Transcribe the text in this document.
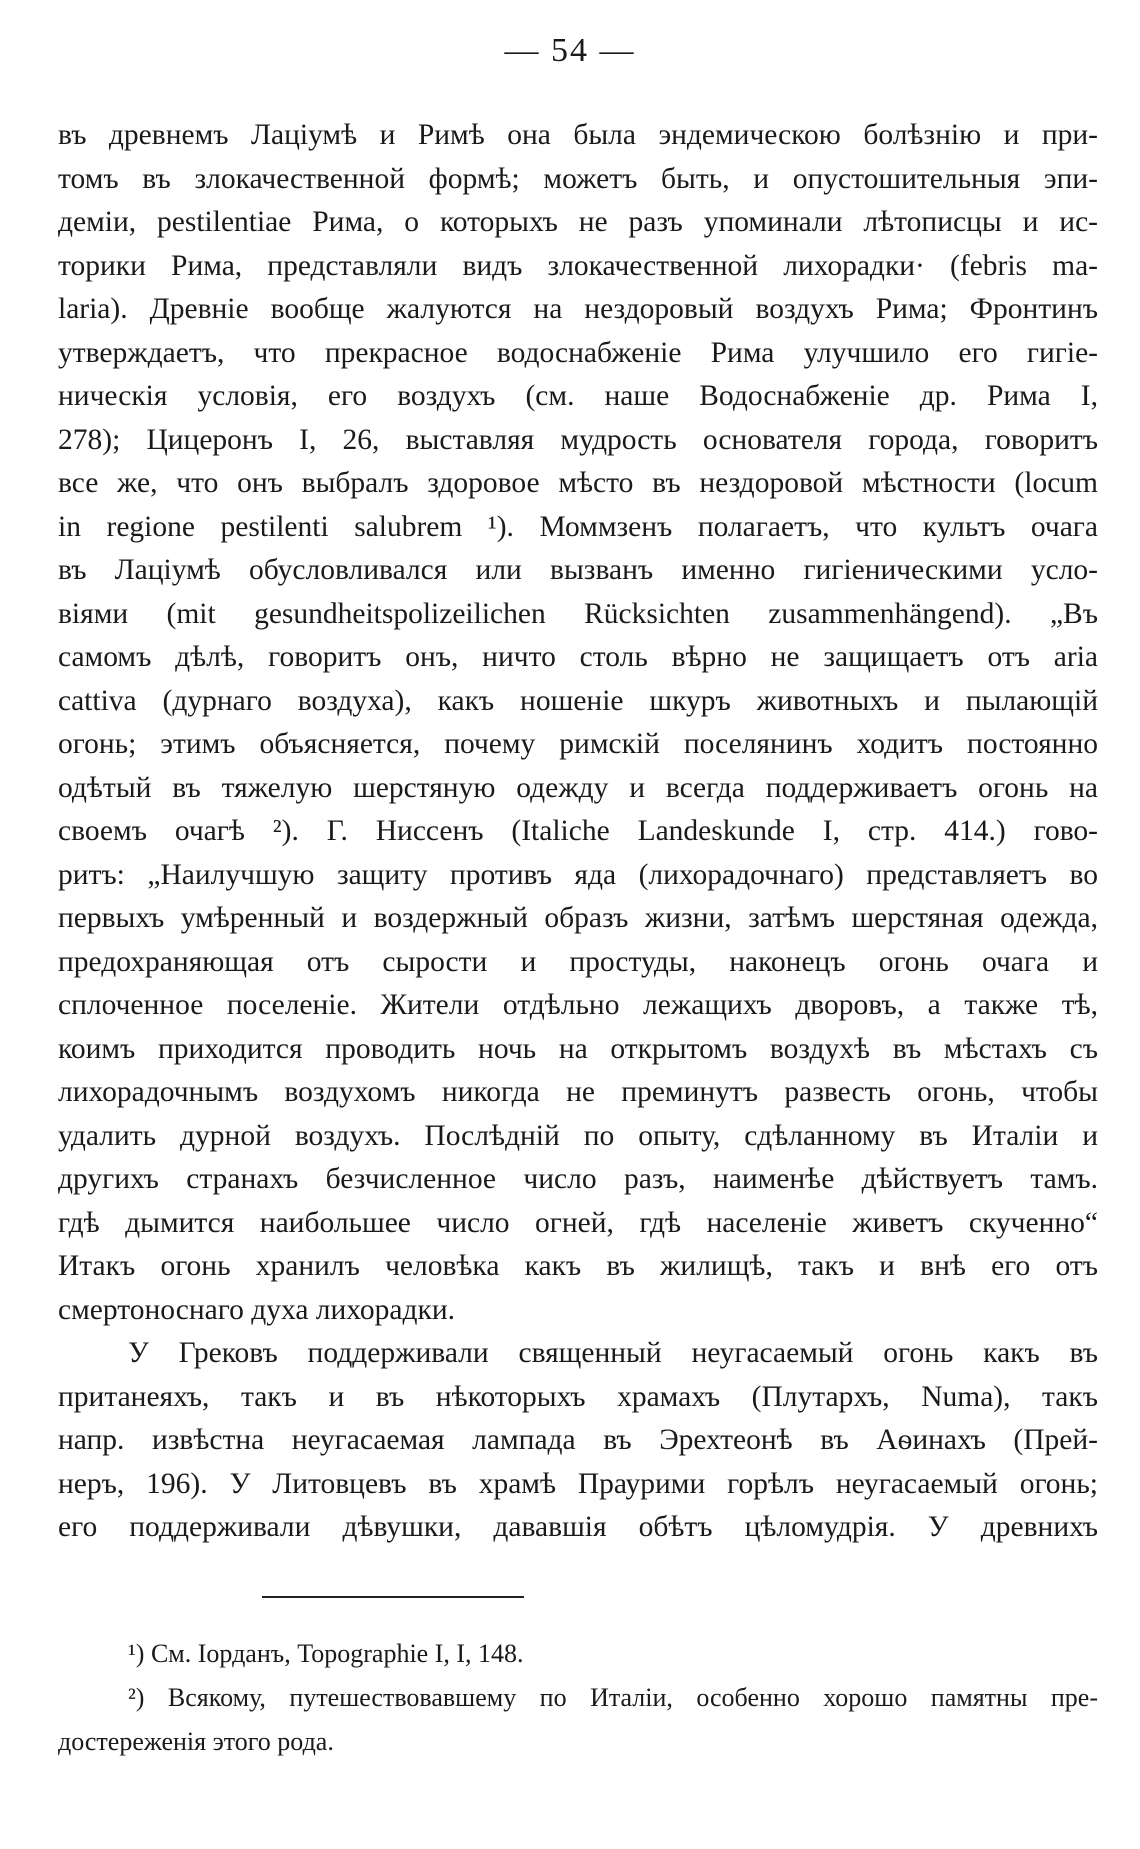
— 54 —
въ древнемъ Лаціумѣ и Римѣ она была эндемическою болѣзнію и при-
томъ въ злокачественной формѣ; можетъ быть, и опустошительныя эпи-
деміи, pestilentiae Рима, о которыхъ не разъ упоминали лѣтописцы и ис-
торики Рима, представляли видъ злокачественной лихорадки· (febris ma-
laria). Древніе вообще жалуются на нездоровый воздухъ Рима; Фронтинъ
утверждаетъ, что прекрасное водоснабженіе Рима улучшило его гигіе-
ническія условія, его воздухъ (см. наше Водоснабженіе др. Рима I,
278); Цицеронъ I, 26, выставляя мудрость основателя города, говоритъ
все же, что онъ выбралъ здоровое мѣсто въ нездоровой мѣстности (locum
in regione pestilenti salubrem ¹). Моммзенъ полагаетъ, что культъ очага
въ Лаціумѣ обусловливался или вызванъ именно гигіеническими усло-
віями (mit gesundheitspolizeilichen Rücksichten zusammenhängend). „Въ
самомъ дѣлѣ, говоритъ онъ, ничто столь вѣрно не защищаетъ отъ aria
cattiva (дурнаго воздуха), какъ ношеніе шкуръ животныхъ и пылающій
огонь; этимъ объясняется, почему римскій поселянинъ ходитъ постоянно
одѣтый въ тяжелую шерстяную одежду и всегда поддерживаетъ огонь на
своемъ очагѣ ²). Г. Ниссенъ (Italiche Landeskunde I, стр. 414.) гово-
ритъ: „Наилучшую защиту противъ яда (лихорадочнаго) представляетъ во
первыхъ умѣренный и воздержный образъ жизни, затѣмъ шерстяная одежда,
предохраняющая отъ сырости и простуды, наконецъ огонь очага и
сплоченное поселеніе. Жители отдѣльно лежащихъ дворовъ, а также тѣ,
коимъ приходится проводить ночь на открытомъ воздухѣ въ мѣстахъ съ
лихорадочнымъ воздухомъ никогда не преминутъ развесть огонь, чтобы
удалить дурной воздухъ. Послѣдній по опыту, сдѣланному въ Италіи и
другихъ странахъ безчисленное число разъ, наименѣе дѣйствуетъ тамъ.
гдѣ дымится наибольшее число огней, гдѣ населеніе живетъ скученно“
Итакъ огонь хранилъ человѣка какъ въ жилищѣ, такъ и внѣ его отъ
смертоноснаго духа лихорадки.
У Грековъ поддерживали священный неугасаемый огонь какъ въ
пританеяхъ, такъ и въ нѣкоторыхъ храмахъ (Плутархъ, Numa), такъ
напр. извѣстна неугасаемая лампада въ Эрехтеонѣ въ Аѳинахъ (Прей-
неръ, 196). У Литовцевъ въ храмѣ Праурими горѣлъ неугасаемый огонь;
его поддерживали дѣвушки, дававшія обѣтъ цѣломудрія. У древнихъ
¹) См. Іорданъ, Topographie I, I, 148.
²) Всякому, путешествовавшему по Италіи, особенно хорошо памятны пре-
достереженія этого рода.
